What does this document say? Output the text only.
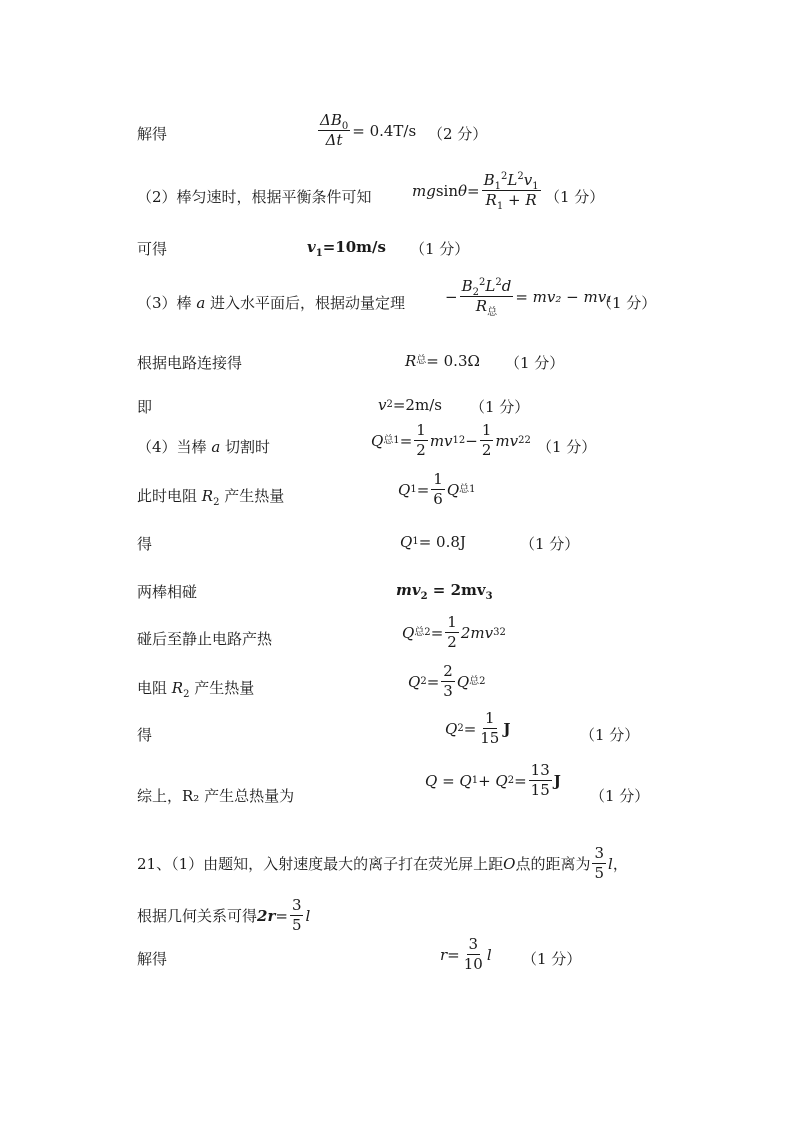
解得	$\frac{\Delta B_0}{\Delta t} = 0.4T/s$ （2 分）
（2）棒匀速时，根据平衡条件可知	mg $\sin \theta = \frac{B_1^2L^2v_1}{R_1 + R} (1$ 分）
可得	$v_1=10m/s$ （1 分）
（3）棒 a 进入水平面后，根据动量定理	− $\frac{B_2^2L^2d}{R_总} = mv_2 - mv_1$
（1 分）
根据电路连接得	R 总 = 0.3Ω （1 分）
即	v 2 =2m/s （1 分）
（4）当棒 a 切割时	Q 总$1 = \frac{1}{2}$ mv 1 $2 - \frac{1}{2}$ mv 2 2 （1 分）
此时电阻 $R_2$ 产生热量	Q $1 = \frac{1}{6}$ Q 总1
得	Q 1 = 0.8J	（1 分）
两棒相碰	$mv_2 = 2mv_3$
碰后至静止电路产热	Q 总$2 = \frac{1}{2} 2mv$ 3 2
电阻 $R_2$ 产生热量	Q $2 = \frac{2}{3}$ Q 总2
得	Q $2 = \frac{1}{15}$ J	（1 分）
综上，R₂ 产生总热量为
Q = Q 1 + Q $2 = \frac{13}{15}$ J
（1 分）
21、（1）由题知，入射速度最大的离子打在荧光屏上距 O 点的距离为 $\frac{3}{5}$ l ，
根据几何关系可得 $2r = \frac{3}{5}$ l
解得	$r = \frac{3}{10}$ l （1 分）
